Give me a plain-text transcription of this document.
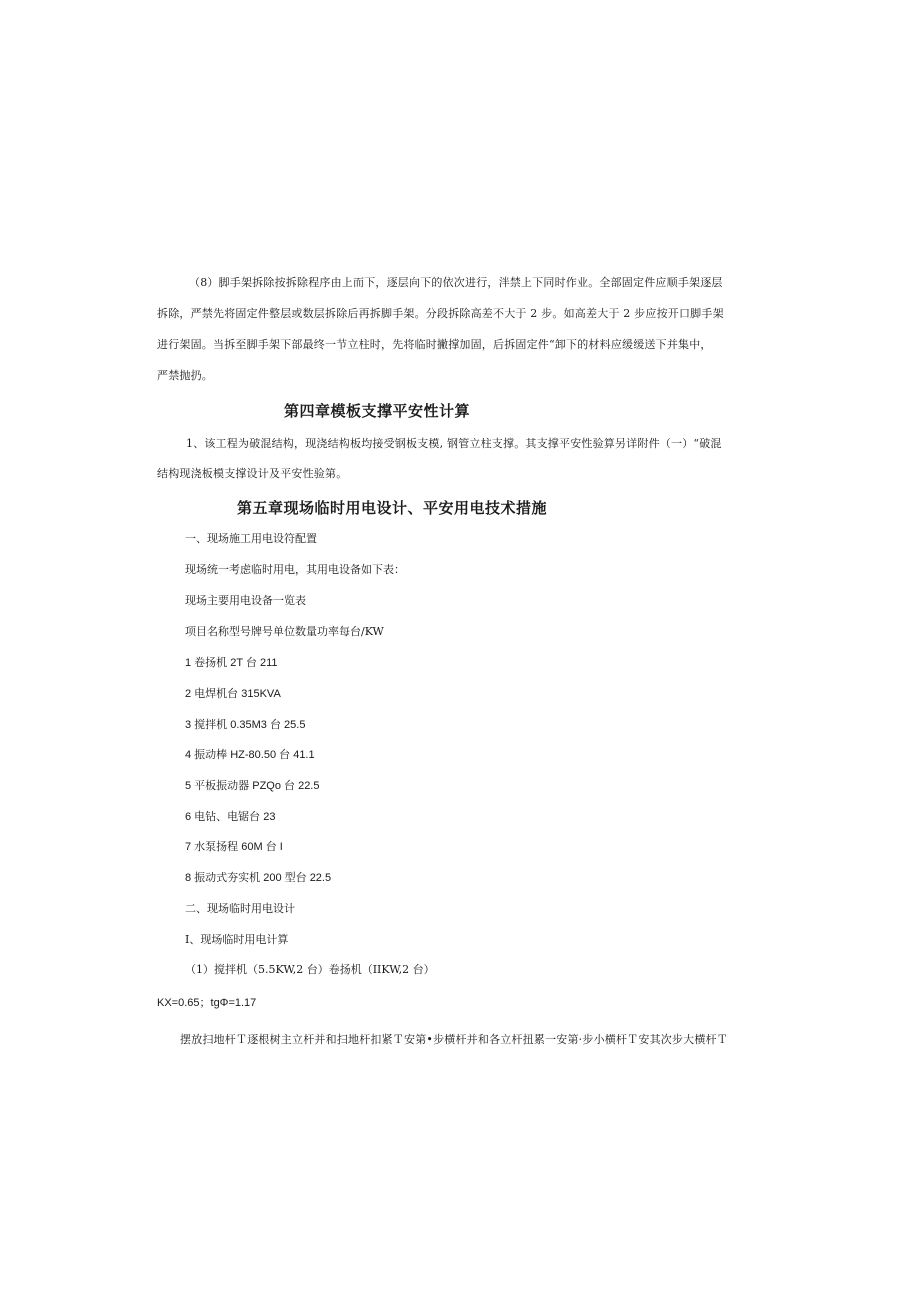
（8）脚手架拆除按拆除程序由上而下，逐层向下的依次进行，泮禁上下同时作业。全部固定件应顺手架逐层

拆除，严禁先将固定件整层或数层拆除后再拆脚手架。分段拆除高差不大于 2 步。如高差大于 2 步应按开口脚手架

进行架固。当拆至脚手架下部最终一节立柱时，先将临时撇撑加固，后拆固定件“卸下的材料应缓缓送下并集中，

严禁抛扔。

第四章模板支撑平安性计算

1、该工程为破混结构，现浇结构板均接受钢板支模, 钢管立柱支撑。其支撑平安性验算另详附件（一）“破混

结构现浇板模支撑设计及平安性验第。

第五章现场临时用电设计、平安用电技术措施

一、现场施工用电设符配置

现场统一考虑临时用电，其用电设备如下表：

现场主要用电设备一览表

项目名称型号牌号单位数量功率每台/KW

1 卷扬机 2T 台 211

2 电焊机台 315KVA

3 搅拌机 0.35M3 台 25.5

4 振动棒 HZ-80.50 台 41.1

5 平板振动器 PZQo 台 22.5

6 电钻、电锯台 23

7 水泵扬程 60M 台 I

8 振动式夯实机 200 型台 22.5

二、现场临时用电设计

I、现场临时用电计算

（1）搅拌机（5.5KW,2 台）卷扬机（IIKW,2 台）

KX=0.65；tgΦ=1.17

摆放扫地杆Ｔ逐根树主立杆并和扫地杆扣紧Ｔ安第•步横杆并和各立杆扭累一安第·步小横杆Ｔ安其次步大横杆Ｔ
